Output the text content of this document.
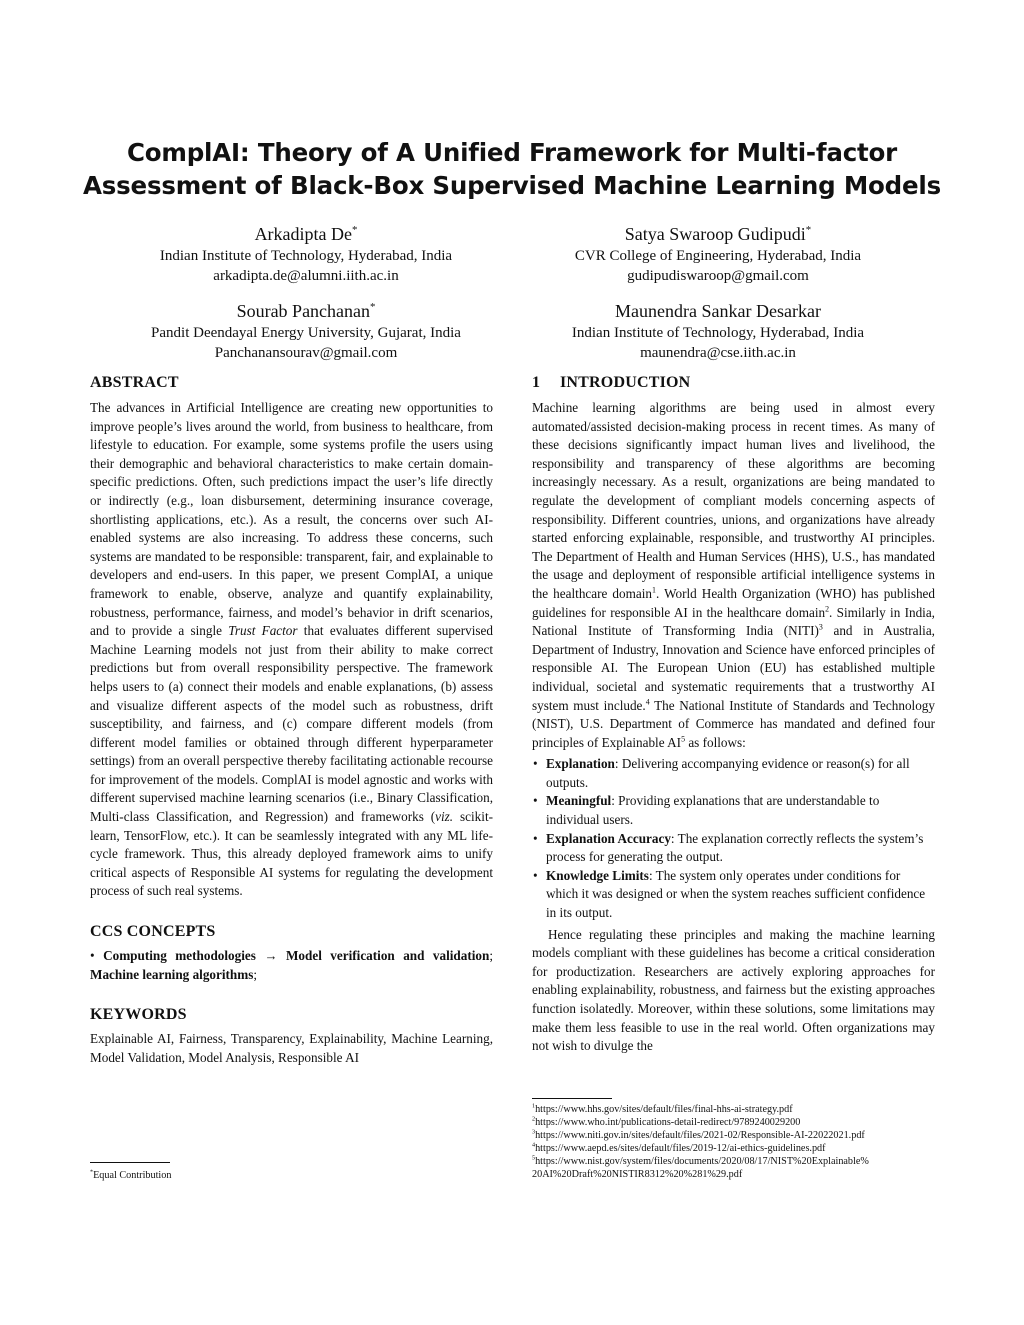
ComplAI: Theory of A Unified Framework for Multi-factor
Assessment of Black-Box Supervised Machine Learning Models
Arkadipta De*
Indian Institute of Technology, Hyderabad, India
arkadipta.de@alumni.iith.ac.in
Satya Swaroop Gudipudi*
CVR College of Engineering, Hyderabad, India
gudipudiswaroop@gmail.com
Sourab Panchanan*
Pandit Deendayal Energy University, Gujarat, India
Panchanansourav@gmail.com
Maunendra Sankar Desarkar
Indian Institute of Technology, Hyderabad, India
maunendra@cse.iith.ac.in
ABSTRACT

The advances in Artificial Intelligence are creating new opportunities to improve people’s lives around the world, from business to healthcare, from lifestyle to education. For example, some systems profile the users using their demographic and behavioral characteristics to make certain domain-specific predictions. Often, such predictions impact the user’s life directly or indirectly (e.g., loan disbursement, determining insurance coverage, shortlisting applications, etc.). As a result, the concerns over such AI-enabled systems are also increasing. To address these concerns, such systems are mandated to be responsible: transparent, fair, and explainable to developers and end-users. In this paper, we present ComplAI, a unique framework to enable, observe, analyze and quantify explainability, robustness, performance, fairness, and model’s behavior in drift scenarios, and to provide a single Trust Factor that evaluates different supervised Machine Learning models not just from their ability to make correct predictions but from overall responsibility perspective. The framework helps users to (a) connect their models and enable explanations, (b) assess and visualize different aspects of the model such as robustness, drift susceptibility, and fairness, and (c) compare different models (from different model families or obtained through different hyperparameter settings) from an overall perspective thereby facilitating actionable recourse for improvement of the models. ComplAI is model agnostic and works with different supervised machine learning scenarios (i.e., Binary Classification, Multi-class Classification, and Regression) and frameworks (viz. scikit-learn, TensorFlow, etc.). It can be seamlessly integrated with any ML life-cycle framework. Thus, this already deployed framework aims to unify critical aspects of Responsible AI systems for regulating the development process of such real systems.

CCS CONCEPTS

• Computing methodologies → Model verification and validation; Machine learning algorithms;

KEYWORDS

Explainable AI, Fairness, Transparency, Explainability, Machine Learning, Model Validation, Model Analysis, Responsible AI

*Equal Contribution
1 INTRODUCTION

Machine learning algorithms are being used in almost every automated/assisted decision-making process in recent times. As many of these decisions significantly impact human lives and livelihood, the responsibility and transparency of these algorithms are becoming increasingly necessary. As a result, organizations are being mandated to regulate the development of compliant models concerning aspects of responsibility. Different countries, unions, and organizations have already started enforcing explainable, responsible, and trustworthy AI principles. The Department of Health and Human Services (HHS), U.S., has mandated the usage and deployment of responsible artificial intelligence systems in the healthcare domain$^1$. World Health Organization (WHO) has published guidelines for responsible AI in the healthcare domain$^2$. Similarly in India, National Institute of Transforming India (NITI)$^3$ and in Australia, Department of Industry, Innovation and Science have enforced principles of responsible AI. The European Union (EU) has established multiple individual, societal and systematic requirements that a trustworthy AI system must include.$^4$ The National Institute of Standards and Technology (NIST), U.S. Department of Commerce has mandated and defined four principles of Explainable $AI^5$ as follows:

• Explanation: Delivering accompanying evidence or reason(s) for all outputs.
• Meaningful: Providing explanations that are understandable to individual users.
• Explanation Accuracy: The explanation correctly reflects the system’s process for generating the output.
• Knowledge Limits: The system only operates under conditions for which it was designed or when the system reaches sufficient confidence in its output.

Hence regulating these principles and making the machine learning models compliant with these guidelines has become a critical consideration for productization. Researchers are actively exploring approaches for enabling explainability, robustness, and fairness but the existing approaches function isolatedly. Moreover, within these solutions, some limitations may make them less feasible to use in the real world. Often organizations may not wish to divulge the

$^1$https://www.hhs.gov/sites/default/files/final-hhs-ai-strategy.pdf
$^2$https://www.who.int/publications-detail-redirect/9789240029200
$^3$https://www.niti.gov.in/sites/default/files/2021-02/Responsible-AI-22022021.pdf
$^4$https://www.aepd.es/sites/default/files/2019-12/ai-ethics-guidelines.pdf
$^5$https://www.nist.gov/system/files/documents/2020/08/17/NIST%20Explainable%
20AI%20Draft%20NISTIR8312%20%281%29.pdf
